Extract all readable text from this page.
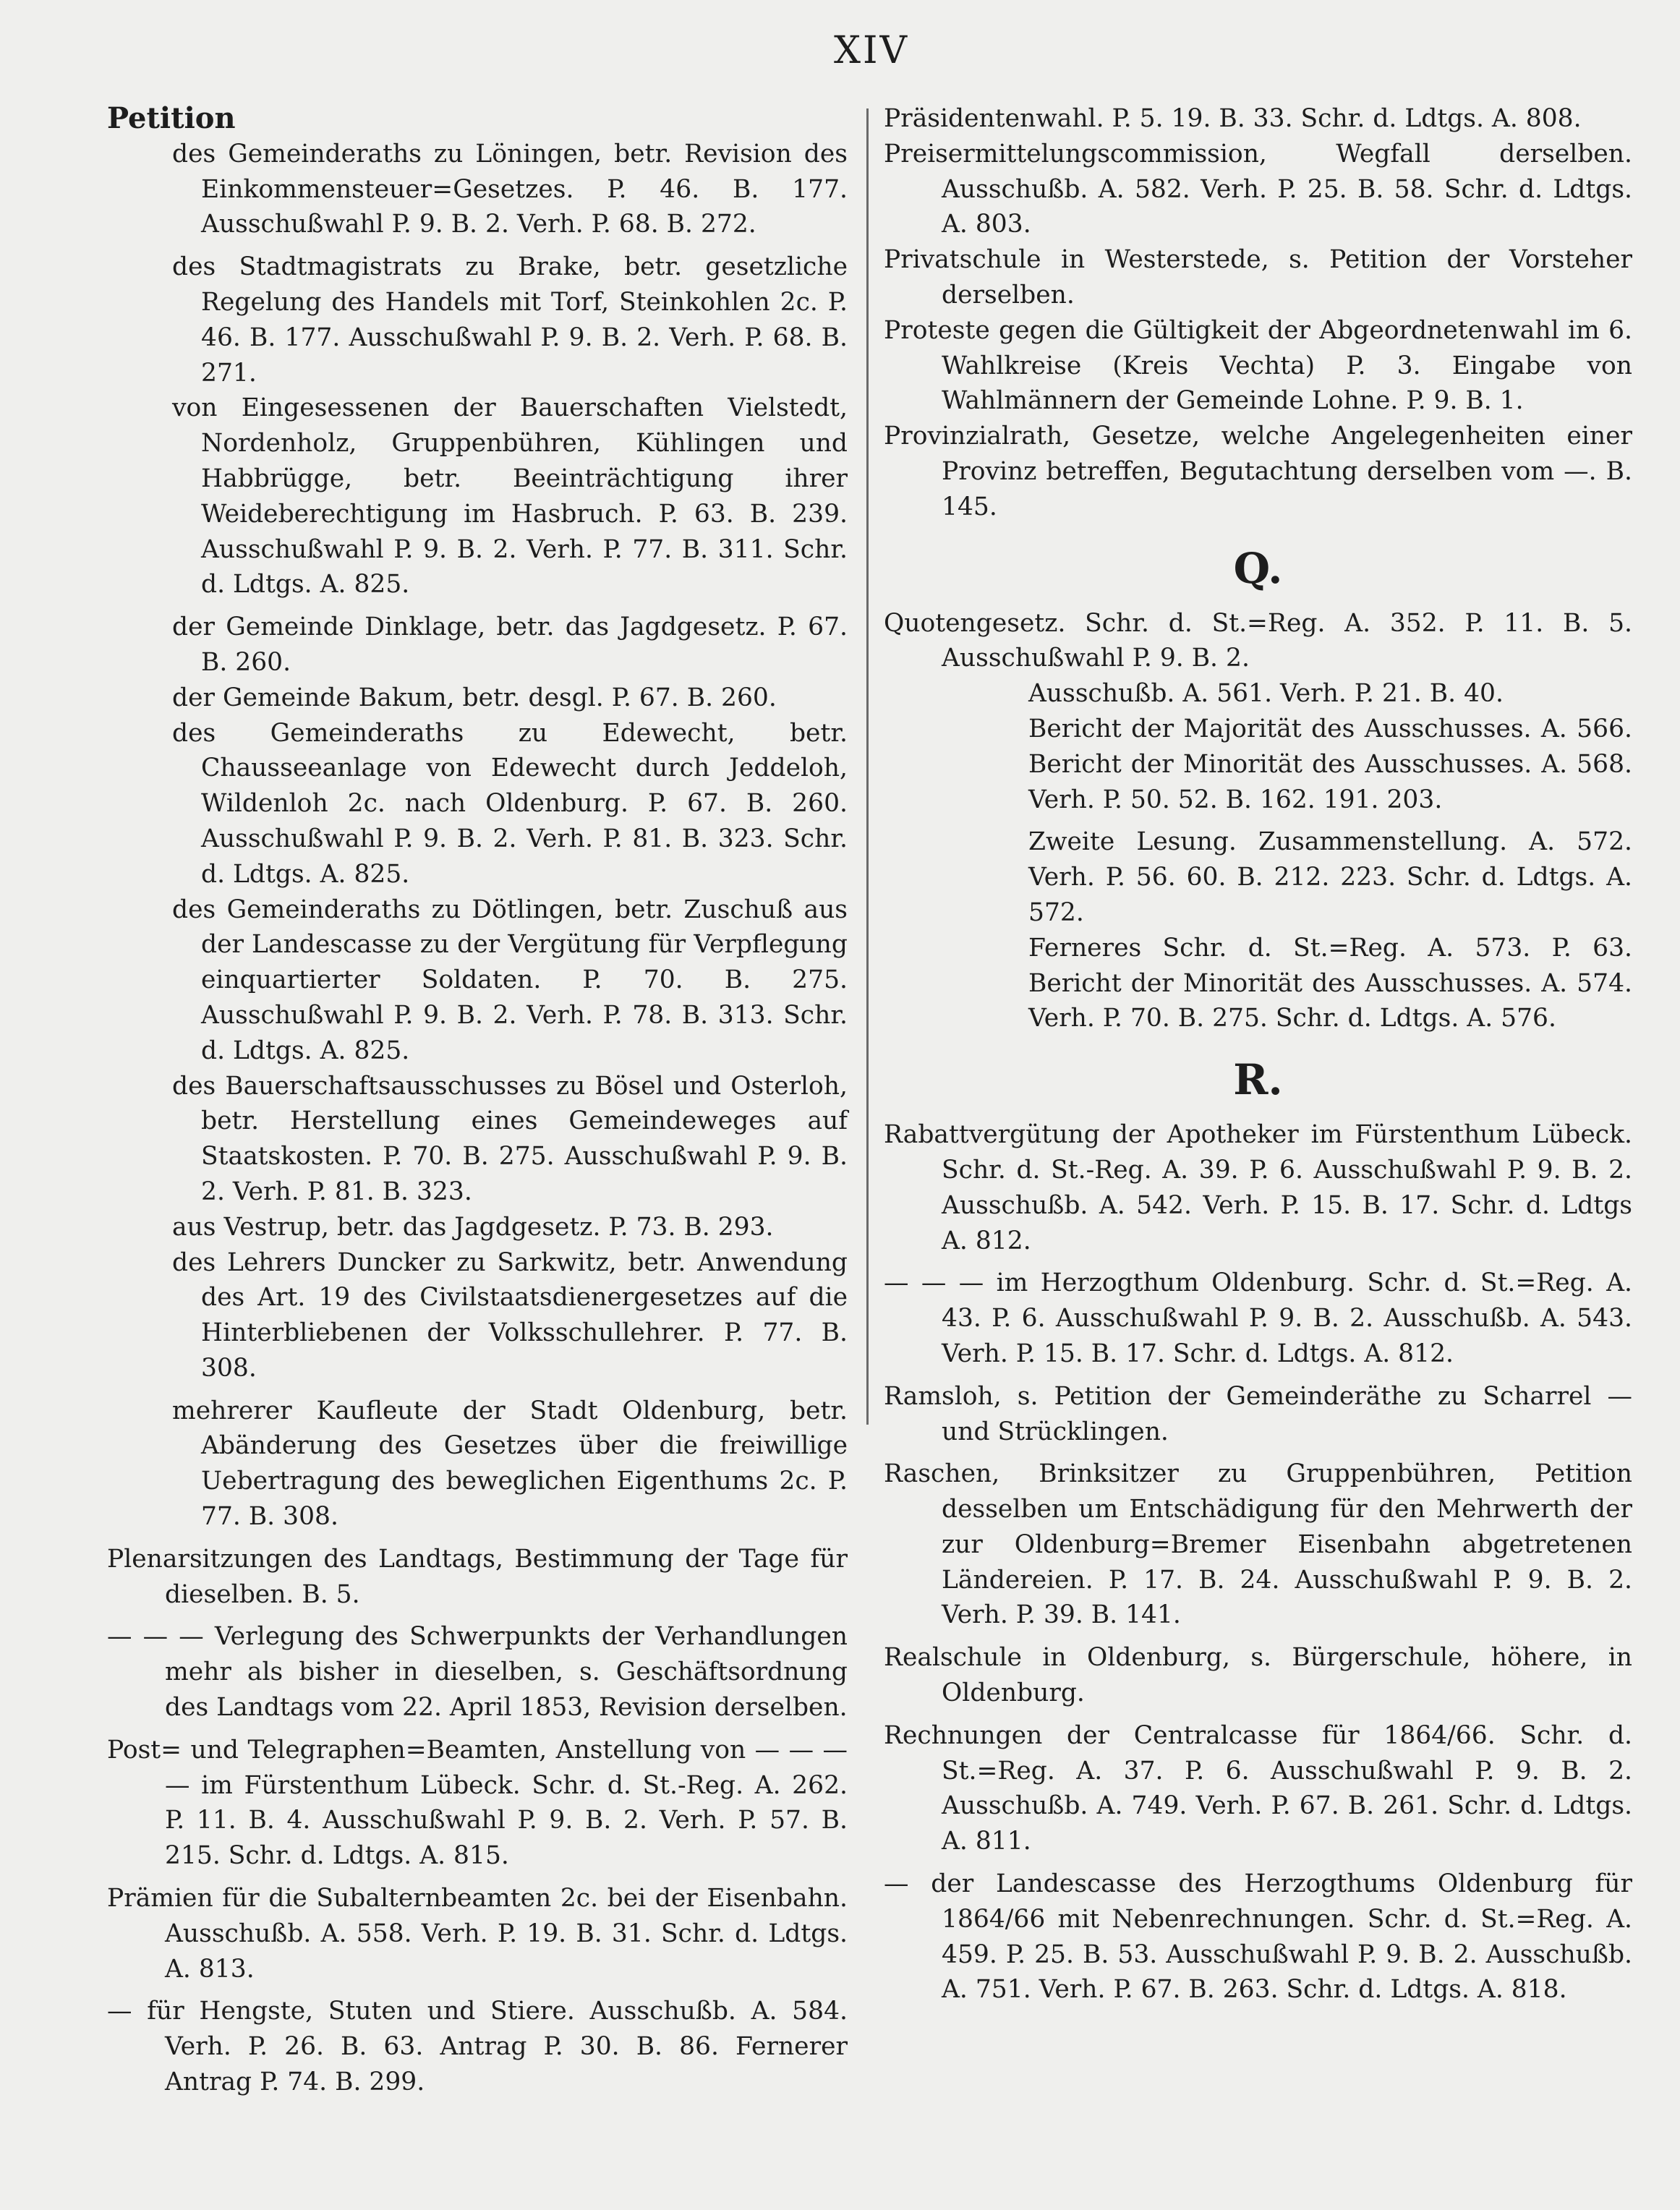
XIV
Petition
des Gemeinderaths zu Löningen, betr. Revision des Einkommensteuer=Gesetzes. P. 46. B. 177. Ausschußwahl P. 9. B. 2. Verh. P. 68. B. 272.
des Stadtmagistrats zu Brake, betr. gesetzliche Regelung des Handels mit Torf, Steinkohlen 2c. P. 46. B. 177. Ausschußwahl P. 9. B. 2. Verh. P. 68. B. 271.
von Eingesessenen der Bauerschaften Vielstedt, Nordenholz, Gruppenbühren, Kühlingen und Habbrügge, betr. Beeinträchtigung ihrer Weideberechtigung im Hasbruch. P. 63. B. 239. Ausschußwahl P. 9. B. 2. Verh. P. 77. B. 311. Schr. d. Ldtgs. A. 825.
der Gemeinde Dinklage, betr. das Jagdgesetz. P. 67. B. 260.
der Gemeinde Bakum, betr. desgl. P. 67. B. 260.
des Gemeinderaths zu Edewecht, betr. Chausseeanlage von Edewecht durch Jeddeloh, Wildenloh 2c. nach Oldenburg. P. 67. B. 260. Ausschußwahl P. 9. B. 2. Verh. P. 81. B. 323. Schr. d. Ldtgs. A. 825.
des Gemeinderaths zu Dötlingen, betr. Zuschuß aus der Landescasse zu der Vergütung für Verpflegung einquartierter Soldaten. P. 70. B. 275. Ausschußwahl P. 9. B. 2. Verh. P. 78. B. 313. Schr. d. Ldtgs. A. 825.
des Bauerschaftsausschusses zu Bösel und Osterloh, betr. Herstellung eines Gemeindeweges auf Staatskosten. P. 70. B. 275. Ausschußwahl P. 9. B. 2. Verh. P. 81. B. 323.
aus Vestrup, betr. das Jagdgesetz. P. 73. B. 293.
des Lehrers Duncker zu Sarkwitz, betr. Anwendung des Art. 19 des Civilstaatsdienergesetzes auf die Hinterbliebenen der Volksschullehrer. P. 77. B. 308.
mehrerer Kaufleute der Stadt Oldenburg, betr. Abänderung des Gesetzes über die freiwillige Uebertragung des beweglichen Eigenthums 2c. P. 77. B. 308.
Plenarsitzungen des Landtags, Bestimmung der Tage für dieselben. B. 5.
— — — Verlegung des Schwerpunkts der Verhandlungen mehr als bisher in dieselben, s. Geschäftsordnung des Landtags vom 22. April 1853, Revision derselben.
Post= und Telegraphen=Beamten, Anstellung von — — — — im Fürstenthum Lübeck. Schr. d. St.-Reg. A. 262. P. 11. B. 4. Ausschußwahl P. 9. B. 2. Verh. P. 57. B. 215. Schr. d. Ldtgs. A. 815.
Prämien für die Subalternbeamten 2c. bei der Eisenbahn. Ausschußb. A. 558. Verh. P. 19. B. 31. Schr. d. Ldtgs. A. 813.
— für Hengste, Stuten und Stiere. Ausschußb. A. 584. Verh. P. 26. B. 63. Antrag P. 30. B. 86. Fernerer Antrag P. 74. B. 299.
Präsidentenwahl. P. 5. 19. B. 33. Schr. d. Ldtgs. A. 808.
Preisermittelungscommission, Wegfall derselben. Ausschußb. A. 582. Verh. P. 25. B. 58. Schr. d. Ldtgs. A. 803.
Privatschule in Westerstede, s. Petition der Vorsteher derselben.
Proteste gegen die Gültigkeit der Abgeordnetenwahl im 6. Wahlkreise (Kreis Vechta) P. 3. Eingabe von Wahlmännern der Gemeinde Lohne. P. 9. B. 1.
Provinzialrath, Gesetze, welche Angelegenheiten einer Provinz betreffen, Begutachtung derselben vom —. B. 145.
Q.
Quotengesetz. Schr. d. St.=Reg. A. 352. P. 11. B. 5. Ausschußwahl P. 9. B. 2.
Ausschußb. A. 561. Verh. P. 21. B. 40.
Bericht der Majorität des Ausschusses. A. 566. Bericht der Minorität des Ausschusses. A. 568. Verh. P. 50. 52. B. 162. 191. 203.
Zweite Lesung. Zusammenstellung. A. 572. Verh. P. 56. 60. B. 212. 223. Schr. d. Ldtgs. A. 572.
Ferneres Schr. d. St.=Reg. A. 573. P. 63. Bericht der Minorität des Ausschusses. A. 574. Verh. P. 70. B. 275. Schr. d. Ldtgs. A. 576.
R.
Rabattvergütung der Apotheker im Fürstenthum Lübeck. Schr. d. St.-Reg. A. 39. P. 6. Ausschußwahl P. 9. B. 2. Ausschußb. A. 542. Verh. P. 15. B. 17. Schr. d. Ldtgs A. 812.
— — — im Herzogthum Oldenburg. Schr. d. St.=Reg. A. 43. P. 6. Ausschußwahl P. 9. B. 2. Ausschußb. A. 543. Verh. P. 15. B. 17. Schr. d. Ldtgs. A. 812.
Ramsloh, s. Petition der Gemeinderäthe zu Scharrel — und Strücklingen.
Raschen, Brinksitzer zu Gruppenbühren, Petition desselben um Entschädigung für den Mehrwerth der zur Oldenburg=Bremer Eisenbahn abgetretenen Ländereien. P. 17. B. 24. Ausschußwahl P. 9. B. 2. Verh. P. 39. B. 141.
Realschule in Oldenburg, s. Bürgerschule, höhere, in Oldenburg.
Rechnungen der Centralcasse für 1864/66. Schr. d. St.=Reg. A. 37. P. 6. Ausschußwahl P. 9. B. 2. Ausschußb. A. 749. Verh. P. 67. B. 261. Schr. d. Ldtgs. A. 811.
— der Landescasse des Herzogthums Oldenburg für 1864/66 mit Nebenrechnungen. Schr. d. St.=Reg. A. 459. P. 25. B. 53. Ausschußwahl P. 9. B. 2. Ausschußb. A. 751. Verh. P. 67. B. 263. Schr. d. Ldtgs. A. 818.
